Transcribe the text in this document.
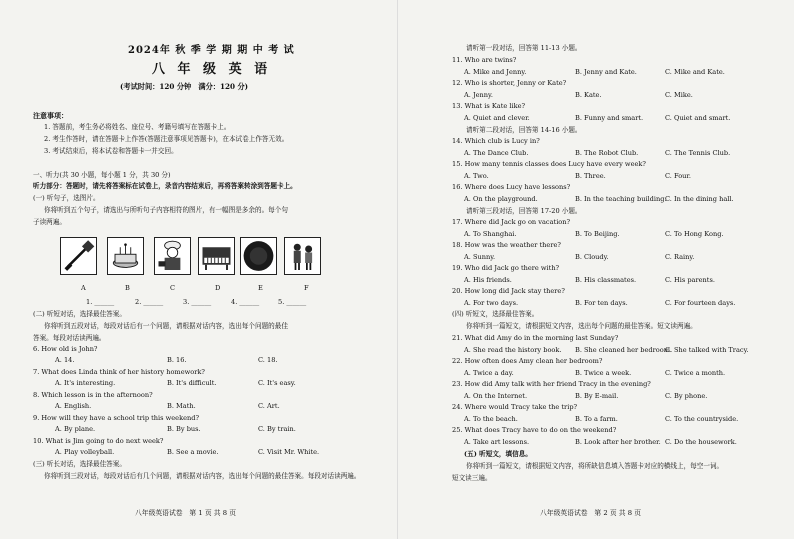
2024年 秋 季 学 期 期 中 考 试
八 年 级 英 语
(考试时间：120 分钟　满分：120 分)
注意事项：
1. 答题前，考生务必将姓名、座位号、考籍号填写在答题卡上。
2. 考生作答时，请在答题卡上作答(答题注意事项见答题卡)，在本试卷上作答无效。
3. 考试结束后，将本试卷和答题卡一并交回。
一、听力(共 30 小题，每小题 1 分，共 30 分)
听力部分：答题时，请先将答案标在试卷上，录音内容结束后，再将答案转涂到答题卡上。
(一) 听句子，选图片。
你将听到五个句子，请选出与所听句子内容相符的图片，有一幅图是多余的。每个句
子读两遍。
A	B	C	D	E	F
1. ______	2. ______	3. ______	4. ______	5. ______
(二) 听短对话，选择最佳答案。
你将听到五段对话，每段对话后有一个问题，请根据对话内容，选出每个问题的最佳
答案。每段对话读两遍。
6. How old is John?
A. 14.	B. 16.	C. 18.
7. What does Linda think of her history homework?
A. It's interesting.	B. It's difficult.	C. It's easy.
8. Which lesson is in the afternoon?
A. English.	B. Math.	C. Art.
9. How will they have a school trip this weekend?
A. By plane.	B. By bus.	C. By train.
10. What is Jim going to do next week?
A. Play volleyball.	B. See a movie.	C. Visit Mr. White.
(三) 听长对话，选择最佳答案。
你将听到三段对话，每段对话后有几个问题，请根据对话内容，选出每个问题的最佳答案。每段对话读两遍。
八年级英语试卷　第 1 页 共 8 页
请听第一段对话，回答第 11-13 小题。
11. Who are twins?
A. Mike and Jenny.	B. Jenny and Kate.	C. Mike and Kate.
12. Who is shorter, Jenny or Kate?
A. Jenny.	B. Kate.	C. Mike.
13. What is Kate like?
A. Quiet and clever.	B. Funny and smart.	C. Quiet and smart.
请听第二段对话，回答第 14-16 小题。
14. Which club is Lucy in?
A. The Dance Club.	B. The Robot Club.	C. The Tennis Club.
15. How many tennis classes does Lucy have every week?
A. Two.	B. Three.	C. Four.
16. Where does Lucy have lessons?
A. On the playground.	B. In the teaching building.
C. In the dining hall.
请听第三段对话，回答第 17-20 小题。
17. Where did Jack go on vacation?
A. To Shanghai.	B. To Beijing.	C. To Hong Kong.
18. How was the weather there?
A. Sunny.	B. Cloudy.	C. Rainy.
19. Who did Jack go there with?
A. His friends.	B. His classmates.	C. His parents.
20. How long did Jack stay there?
A. For two days.	B. For ten days.	C. For fourteen days.
(四) 听短文，选择最佳答案。
你将听到一篇短文，请根据短文内容，选出每个问题的最佳答案。短文读两遍。
21. What did Amy do in the morning last Sunday?
A. She read the history book. B. She cleaned her bedroom.
C. She talked with Tracy.
22. How often does Amy clean her bedroom?
A. Twice a day.	B. Twice a week.	C. Twice a month.
23. How did Amy talk with her friend Tracy in the evening?
A. On the Internet.	B. By E-mail.	C. By phone.
24. Where would Tracy take the trip?
A. To the beach.	B. To a farm.	C. To the countryside.
25. What does Tracy have to do on the weekend?
A. Take art lessons.	B. Look after her brother. C. Do the housework.
(五) 听短文，填信息。
你将听到一篇短文，请根据短文内容，将所缺信息填入答题卡对应的横线上，每空一词。
短文读三遍。
八年级英语试卷　第 2 页 共 8 页
